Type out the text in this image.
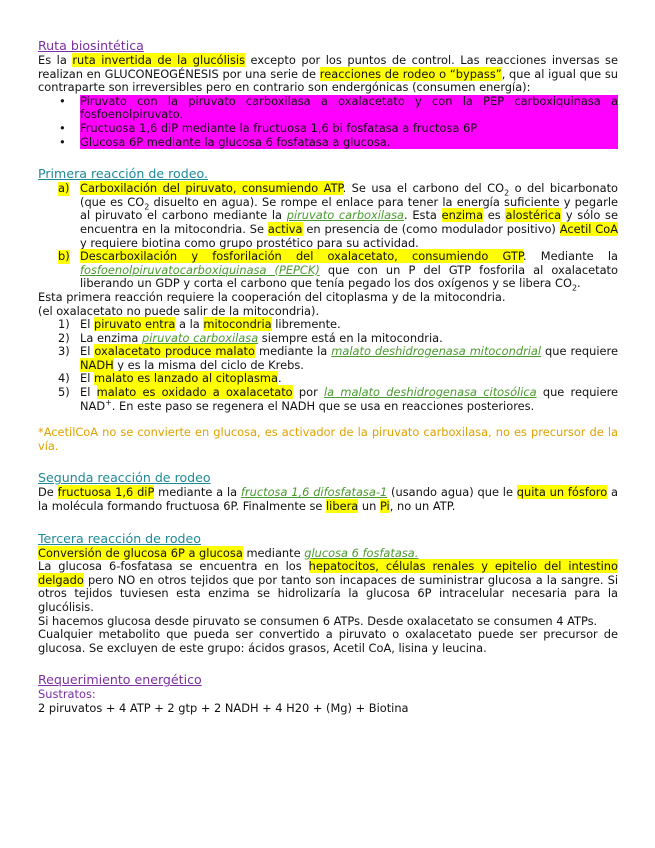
Ruta biosintética

Es la ruta invertida de la glucólisis excepto por los puntos de control. Las reacciones inversas se realizan en GLUCONEOGÉNESIS por una serie de reacciones de rodeo o “bypass”, que al igual que su contraparte son irreversibles pero en contrario son endergónicas (consumen energía):

• Piruvato con la piruvato carboxilasa a oxalacetato y con la PEP carboxiquinasa a fosfoenolpiruvato.
• Fructuosa 1,6 diP mediante la fructuosa 1,6 bi fosfatasa a fructosa 6P
• Glucosa 6P mediante la glucosa 6 fosfatasa a glucosa.
Primera reacción de rodeo.
a) Carboxilación del piruvato, consumiendo ATP. Se usa el carbono del $CO_2$ o del bicarbonato (que es $CO_2$ disuelto en agua). Se rompe el enlace para tener la energía suficiente y pegarle al piruvato el carbono mediante la piruvato carboxilasa. Esta enzima es alostérica y sólo se encuentra en la mitocondria. Se activa en presencia de (como modulador positivo) Acetil CoA y requiere biotina como grupo prostético para su actividad.
b) Descarboxilación y fosforilación del oxalacetato, consumiendo GTP. Mediante la fosfoenolpiruvatocarboxiquinasa (PEPCK) que con un P del GTP fosforila al oxalacetato liberando un GDP y corta el carbono que tenía pegado los dos oxígenos y se libera $CO_2$.

Esta primera reacción requiere la cooperación del citoplasma y de la mitocondria.

(el oxalacetato no puede salir de la mitocondria).

1) El piruvato entra a la mitocondria libremente.
2) La enzima piruvato carboxilasa siempre está en la mitocondria.
3) El oxalacetato produce malato mediante la malato deshidrogenasa mitocondrial que requiere NADH y es la misma del ciclo de Krebs.
4) El malato es lanzado al citoplasma.
5) El malato es oxidado a oxalacetato por la malato deshidrogenasa citosólica que requiere NAD+. En este paso se regenera el NADH que se usa en reacciones posteriores.

*AcetilCoA no se convierte en glucosa, es activador de la piruvato carboxilasa, no es precursor de la vía.

Segunda reacción de rodeo

De fructuosa 1,6 diP mediante a la fructosa 1,6 difosfatasa-1 (usando agua) que le quita un fósforo a la molécula formando fructuosa 6P. Finalmente se libera un Pi, no un ATP.

Tercera reacción de rodeo

Conversión de glucosa 6P a glucosa mediante glucosa 6 fosfatasa.

La glucosa 6-fosfatasa se encuentra en los hepatocitos, células renales y epitelio del intestino delgado pero NO en otros tejidos que por tanto son incapaces de suministrar glucosa a la sangre. Si otros tejidos tuviesen esta enzima se hidrolizaría la glucosa 6P intracelular necesaria para la glucólisis.

Si hacemos glucosa desde piruvato se consumen 6 ATPs. Desde oxalacetato se consumen 4 ATPs.

Cualquier metabolito que pueda ser convertido a piruvato o oxalacetato puede ser precursor de glucosa. Se excluyen de este grupo: ácidos grasos, Acetil CoA, lisina y leucina.

Requerimiento energético

Sustratos:

2 piruvatos + 4 ATP + 2 gtp + 2 NADH + 4 H20 + (Mg) + Biotina
